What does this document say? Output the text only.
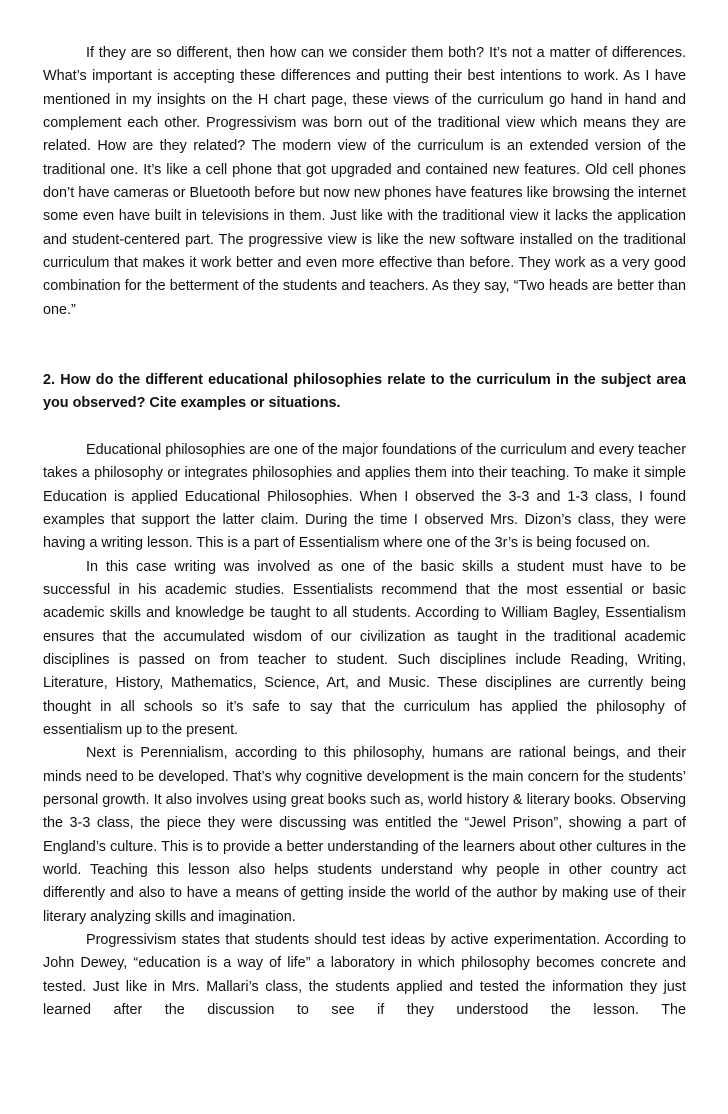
If they are so different, then how can we consider them both? It’s not a matter of differences. What’s important is accepting these differences and putting their best intentions to work. As I have mentioned in my insights on the H chart page, these views of the curriculum go hand in hand and complement each other. Progressivism was born out of the traditional view which means they are related. How are they related? The modern view of the curriculum is an extended version of the traditional one. It’s like a cell phone that got upgraded and contained new features. Old cell phones don’t have cameras or Bluetooth before but now new phones have features like browsing the internet some even have built in televisions in them. Just like with the traditional view it lacks the application and student-centered part. The progressive view is like the new software installed on the traditional curriculum that makes it work better and even more effective than before. They work as a very good combination for the betterment of the students and teachers. As they say, “Two heads are better than one.”

2. How do the different educational philosophies relate to the curriculum in the subject area you observed? Cite examples or situations.

Educational philosophies are one of the major foundations of the curriculum and every teacher takes a philosophy or integrates philosophies and applies them into their teaching. To make it simple Education is applied Educational Philosophies. When I observed the 3-3 and 1-3 class, I found examples that support the latter claim. During the time I observed Mrs. Dizon’s class, they were having a writing lesson. This is a part of Essentialism where one of the 3r’s is being focused on.

In this case writing was involved as one of the basic skills a student must have to be successful in his academic studies. Essentialists recommend that the most essential or basic academic skills and knowledge be taught to all students. According to William Bagley, Essentialism ensures that the accumulated wisdom of our civilization as taught in the traditional academic disciplines is passed on from teacher to student. Such disciplines include Reading, Writing, Literature, History, Mathematics, Science, Art, and Music. These disciplines are currently being thought in all schools so it’s safe to say that the curriculum has applied the philosophy of essentialism up to the present.

Next is Perennialism, according to this philosophy, humans are rational beings, and their minds need to be developed. That’s why cognitive development is the main concern for the students’ personal growth. It also involves using great books such as, world history & literary books. Observing the 3-3 class, the piece they were discussing was entitled the “Jewel Prison”, showing a part of England’s culture. This is to provide a better understanding of the learners about other cultures in the world. Teaching this lesson also helps students understand why people in other country act differently and also to have a means of getting inside the world of the author by making use of their literary analyzing skills and imagination.

Progressivism states that students should test ideas by active experimentation. According to John Dewey, “education is a way of life” a laboratory in which philosophy becomes concrete and tested. Just like in Mrs. Mallari’s class, the students applied and tested the information they just learned after the discussion to see if they understood the lesson. The
